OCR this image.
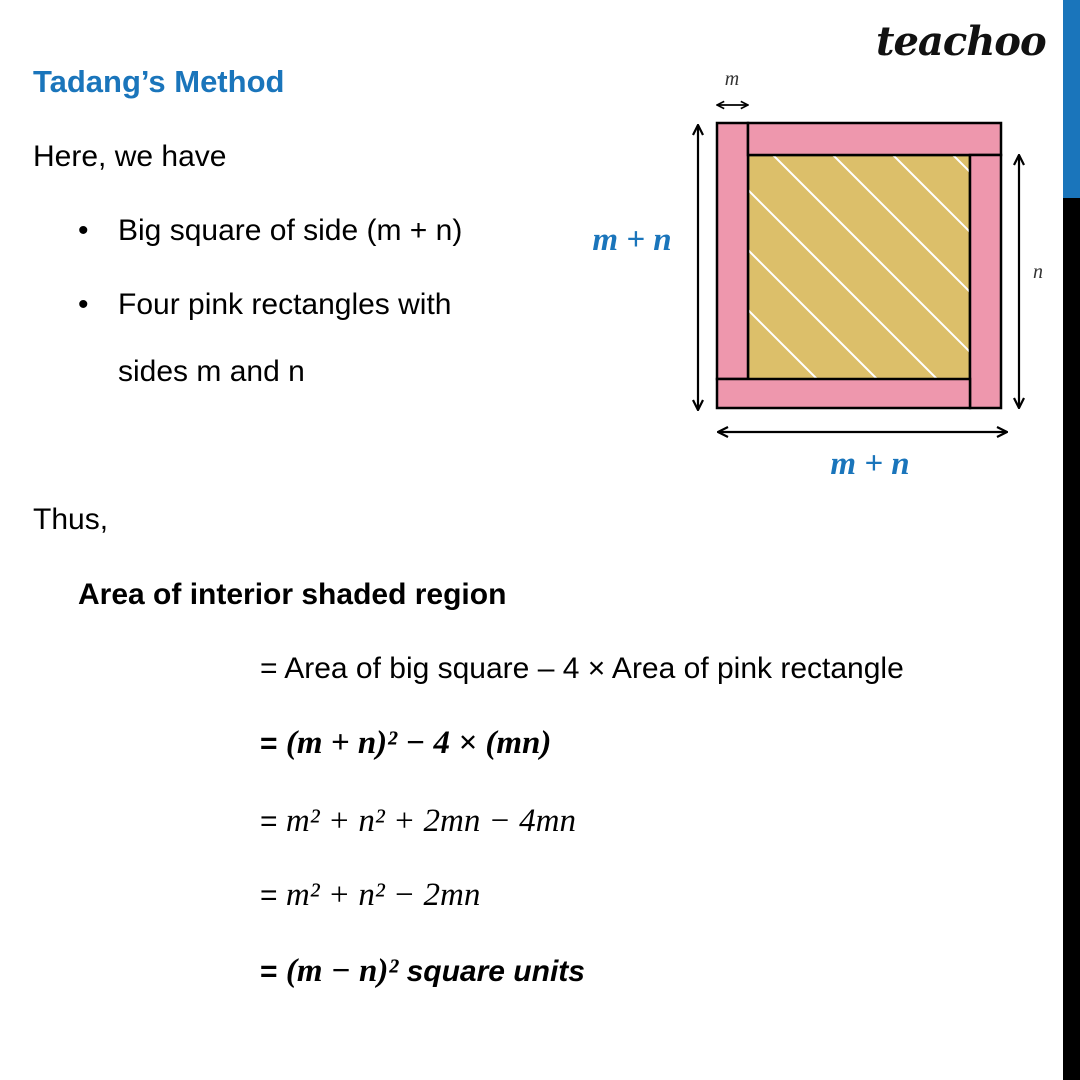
teachoo
Tadang’s Method
Here, we have
• Big square of side (m + n)
• Four pink rectangles with
sides m and n
Thus,
Area of interior shaded region
= Area of big square – 4 × Area of pink rectangle
= (m + n)² − 4 × (mn)
= m² + n² + 2mn − 4mn
= m² + n² − 2mn
= (m − n)² square units
m
n
m + n
m + n
